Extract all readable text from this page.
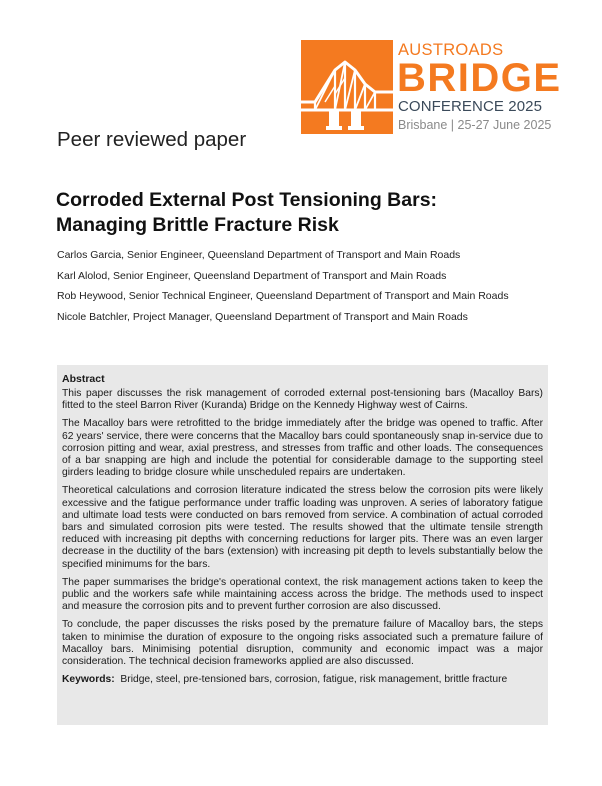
AUSTROADS
BRIDGE
CONFERENCE 2025
Brisbane | 25-27 June 2025
Peer reviewed paper
Corroded External Post Tensioning Bars:
Managing Brittle Fracture Risk
Carlos Garcia, Senior Engineer, Queensland Department of Transport and Main Roads
Karl Alolod, Senior Engineer, Queensland Department of Transport and Main Roads
Rob Heywood, Senior Technical Engineer, Queensland Department of Transport and Main Roads
Nicole Batchler, Project Manager, Queensland Department of Transport and Main Roads
Abstract

This paper discusses the risk management of corroded external post-tensioning bars (Macalloy Bars) fitted to the steel Barron River (Kuranda) Bridge on the Kennedy Highway west of Cairns.

The Macalloy bars were retrofitted to the bridge immediately after the bridge was opened to traffic. After 62 years' service, there were concerns that the Macalloy bars could spontaneously snap in-service due to corrosion pitting and wear, axial prestress, and stresses from traffic and other loads. The consequences of a bar snapping are high and include the potential for considerable damage to the supporting steel girders leading to bridge closure while unscheduled repairs are undertaken.

Theoretical calculations and corrosion literature indicated the stress below the corrosion pits were likely excessive and the fatigue performance under traffic loading was unproven. A series of laboratory fatigue and ultimate load tests were conducted on bars removed from service. A combination of actual corroded bars and simulated corrosion pits were tested. The results showed that the ultimate tensile strength reduced with increasing pit depths with concerning reductions for larger pits. There was an even larger decrease in the ductility of the bars (extension) with increasing pit depth to levels substantially below the specified minimums for the bars.

The paper summarises the bridge's operational context, the risk management actions taken to keep the public and the workers safe while maintaining access across the bridge. The methods used to inspect and measure the corrosion pits and to prevent further corrosion are also discussed.

To conclude, the paper discusses the risks posed by the premature failure of Macalloy bars, the steps taken to minimise the duration of exposure to the ongoing risks associated such a premature failure of Macalloy bars. Minimising potential disruption, community and economic impact was a major consideration. The technical decision frameworks applied are also discussed.

Keywords: Bridge, steel, pre-tensioned bars, corrosion, fatigue, risk management, brittle fracture
